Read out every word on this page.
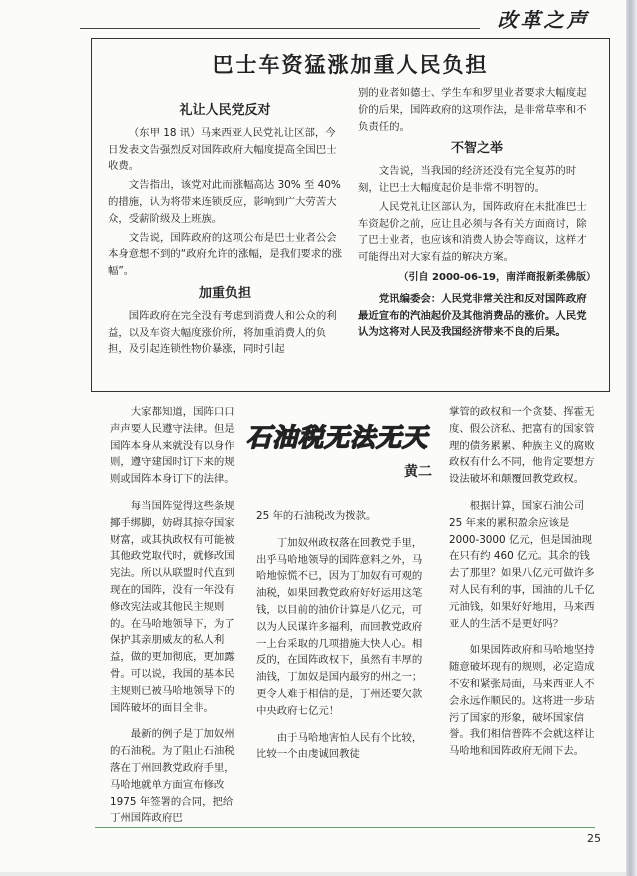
改革之声
巴士车资猛涨加重人民负担
礼让人民党反对

（东甲 18 讯）马来西亚人民党礼让区部，今日发表文告强烈反对国阵政府大幅度提高全国巴士收费。

文告指出，该党对此而涨幅高达 30% 至 40% 的措施，认为将带来连锁反应，影响到广大劳苦大众，受薪阶级及上班族。

文告说，国阵政府的这项公布是巴士业者公会本身意想不到的“政府允许的涨幅，是我们要求的涨幅”。

加重负担

国阵政府在完全没有考虑到消费人和公众的利益，以及车资大幅度涨价所，将加重消费人的负担，及引起连锁性物价暴涨，同时引起

别的业者如德士、学生车和罗里业者要求大幅度起价的后果，国阵政府的这项作法，是非常草率和不负责任的。

不智之举

文告说，当我国的经济还没有完全复苏的时刻，让巴士大幅度起价是非常不明智的。

人民党礼让区部认为，国阵政府在未批准巴士车资起价之前，应让且必须与各有关方面商讨，除了巴士业者，也应该和消费人协会等商议，这样才可能得出对大家有益的解决方案。

（引自 2000-06-19，南洋商报新柔佛版）

党讯编委会：人民党非常关注和反对国阵政府最近宣布的汽油起价及其他消费品的涨价。人民党认为这将对人民及我国经济带来不良的后果。

石油税无法无天
黄二

大家都知道，国阵口口声声要人民遵守法律。但是国阵本身从来就没有以身作则，遵守建国时订下来的规则或国阵本身订下的法律。

每当国阵觉得这些条规揶手绑脚，妨碍其掠夺国家财富，或其执政权有可能被其他政党取代时，就修改国宪法。所以从联盟时代直到现在的国阵，没有一年没有修改宪法或其他民主规则的。在马哈地领导下，为了保护其亲朋威友的私人利益，做的更加彻底，更加露骨。可以说，我国的基本民主规则已被马哈地领导下的国阵破坏的面目全非。

最新的例子是丁加奴州的石油税。为了阻止石油税落在丁州回教党政府手里，马哈地就单方面宣布修改 1975 年签署的合同，把给丁州国阵政府巴

25 年的石油税改为拨款。

丁加奴州政权落在回教党手里，出乎马哈地领导的国阵意料之外，马哈地惊慌不已，因为丁加奴有可观的油税，如果回教党政府好好运用这笔钱，以目前的油价计算是八亿元，可以为人民谋许多福利，而回教党政府一上台采取的几项措施大快人心。相反的，在国阵政权下，虽然有丰厚的油钱，丁加奴是国内最穷的州之一；更令人难于相信的是，丁州还要欠款中央政府七亿元！

由于马哈地害怕人民有个比较，比较一个由虔诚回教徒

掌管的政权和一个贪婪、挥霍无度、假公济私、把富有的国家管理的债务累累、种族主义的腐败政权有什么不同，他肯定要想方设法破坏和颠覆回教党政权。

根据计算，国家石油公司 25 年来的累积盈余应该是 2000-3000 亿元，但是国油现在只有约 460 亿元。其余的钱去了那里？如果八亿元可做许多对人民有利的事，国油的儿千亿元油钱，如果好好地用，马来西亚人的生活不是更好吗？

如果国阵政府和马哈地坚持随意破坏现有的规则，必定造成不安和紧张局面，马来西亚人不会永远作顺民的。这将进一步玷污了国家的形象，破坏国家信誉。我们相信普阵不会就这样让马哈地和国阵政府无闹下去。

25
